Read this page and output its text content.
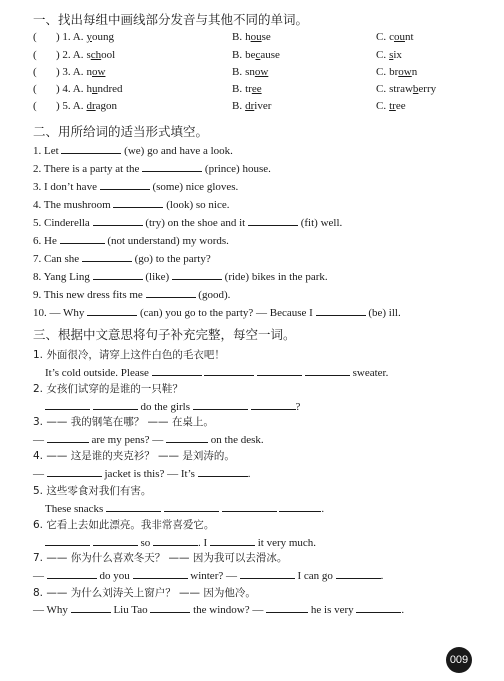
一、找出每组中画线部分发音与其他不同的单词。
( ) 1. A. young	B. house	C. count
( ) 2. A. school	B. because	C. six
( ) 3. A. now	B. snow	C. brown
( ) 4. A. hundred	B. tree	C. strawberry
( ) 5. A. dragon	B. driver	C. tree
二、用所给词的适当形式填空。
1. Let	(we) go and have a look.
2. There is a party at the	(prince) house.
3. I don’t have	(some) nice gloves.
4. The mushroom	(look) so nice.
5. Cinderella	(try) on the shoe and it	(fit) well.
6. He	(not understand) my words.
7. Can she	(go) to the party?
8. Yang Ling	(like)	(ride) bikes in the park.
9. This new dress fits me	(good).
10. — Why	(can) you go to the party? — Because I	(be) ill.
三、根据中文意思将句子补充完整，每空一词。
1. 外面很冷，请穿上这件白色的毛衣吧！
It’s cold outside. Please	sweater.
2. 女孩们试穿的是谁的一只鞋？
do the girls	?
3. —— 我的钢笔在哪？ —— 在桌上。
—	are my pens? —	on the desk.
4. —— 这是谁的夹克衫？ —— 是刘涛的。
—	jacket is this? — It’s	.
5. 这些零食对我们有害。
These snacks	.
6. 它看上去如此漂亮。我非常喜爱它。
so	. I	it very much.
7. —— 你为什么喜欢冬天？ —— 因为我可以去滑冰。
—	do you	winter? —	I can go	.
8. —— 为什么刘涛关上窗户？ —— 因为他冷。
— Why	Liu Tao	the window? —	he is very	.
009
